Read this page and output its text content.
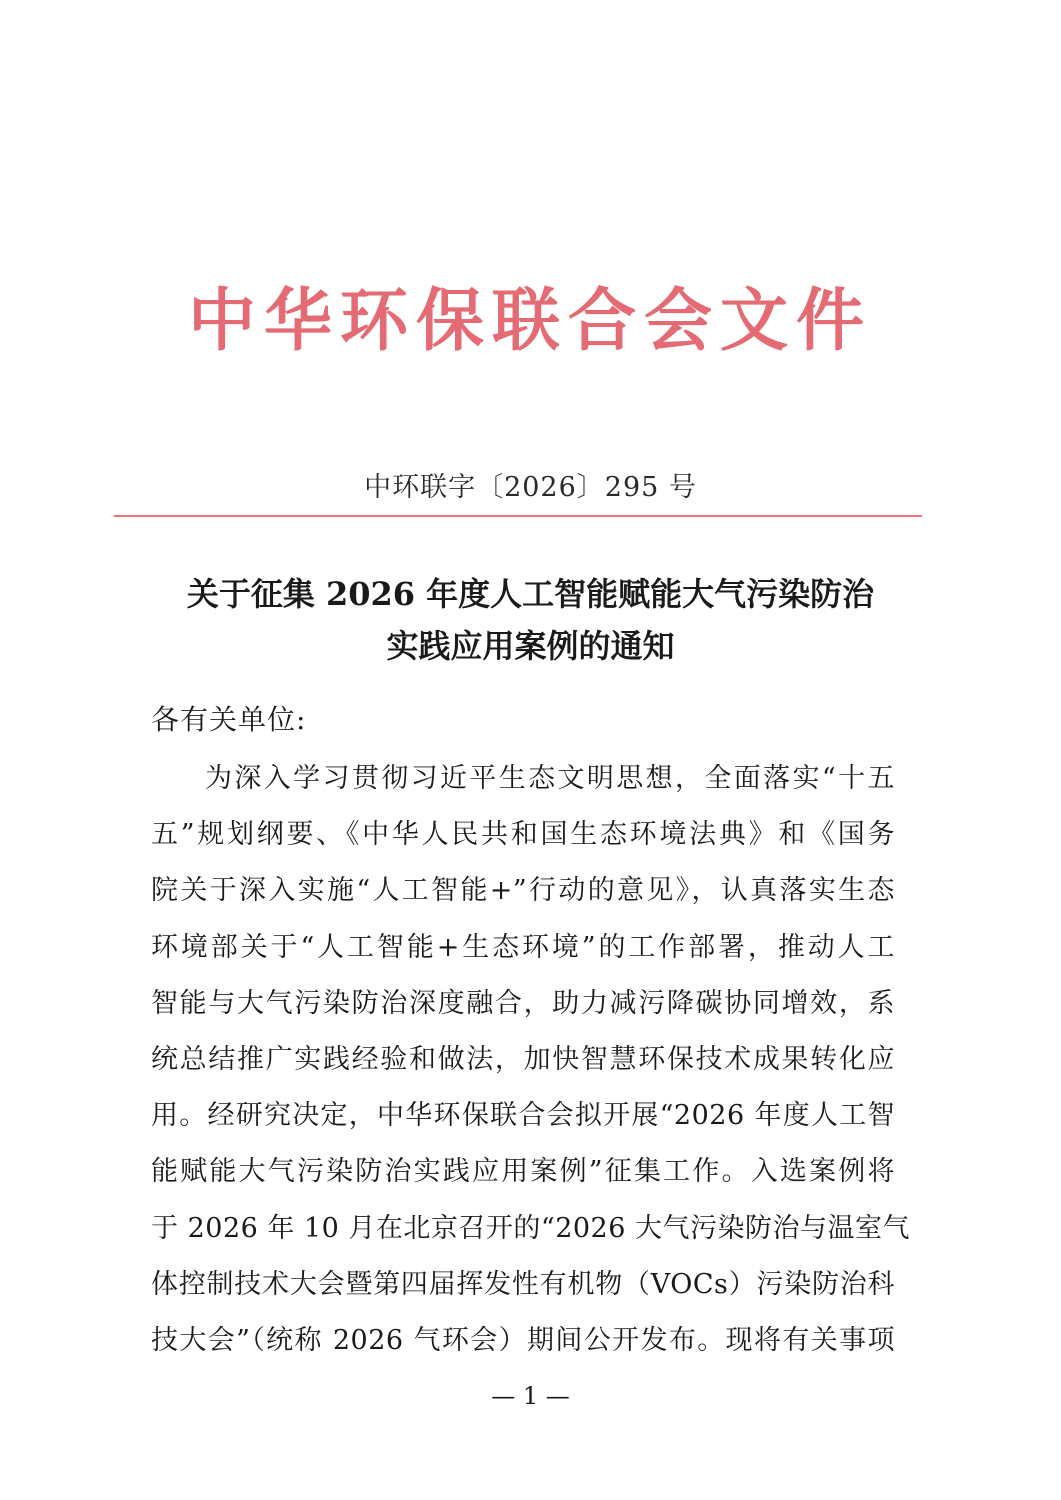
中华环保联合会文件
中环联字〔2026〕295 号
关于征集 2026 年度人工智能赋能大气污染防治
实践应用案例的通知
各有关单位:
为深入学习贯彻习近平生态文明思想，全面落实“十五
五”规划纲要、《中华人民共和国生态环境法典》和《国务
院关于深入实施“人工智能+”行动的意见》，认真落实生态
环境部关于“人工智能+生态环境”的工作部署，推动人工
智能与大气污染防治深度融合，助力减污降碳协同增效，系
统总结推广实践经验和做法，加快智慧环保技术成果转化应
用。经研究决定，中华环保联合会拟开展“2026 年度人工智
能赋能大气污染防治实践应用案例”征集工作。入选案例将
于 2026 年 10 月在北京召开的“2026 大气污染防治与温室气
体控制技术大会暨第四届挥发性有机物（VOCs）污染防治科
技大会”（统称 2026 气环会）期间公开发布。现将有关事项
— 1 —
